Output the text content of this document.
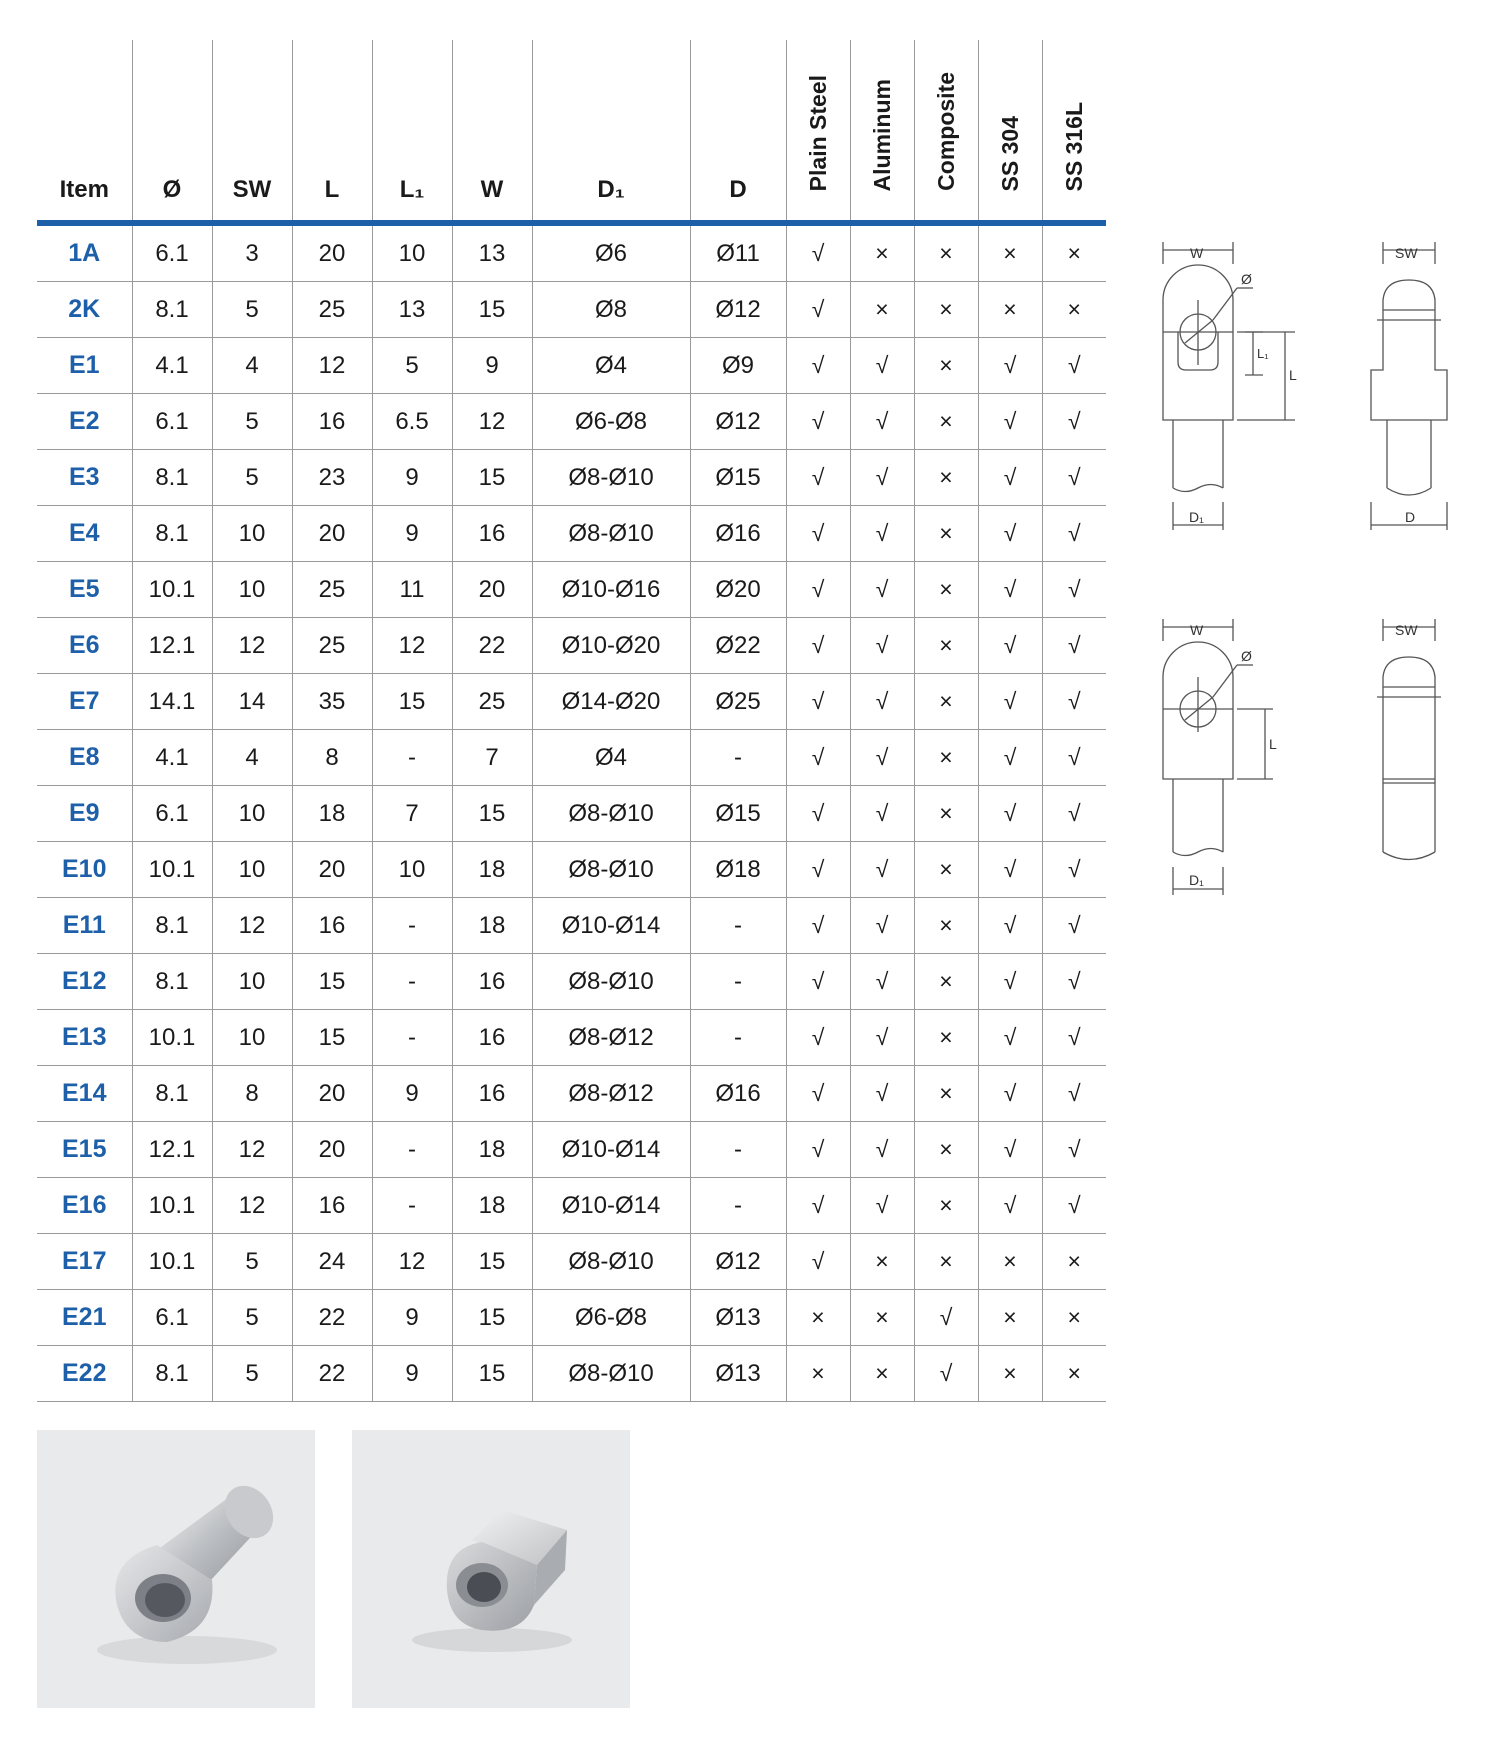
Item	Ø	SW	L	L₁	W	D₁	D	Plain Steel	Aluminum	Composite	SS 304	SS 316L
1A	6.1	3	20	10	13	Ø6	Ø11	√	×	×	×	×
2K	8.1	5	25	13	15	Ø8	Ø12	√	×	×	×	×
E1	4.1	4	12	5	9	Ø4	Ø9	√	√	×	√	√
E2	6.1	5	16	6.5	12	Ø6-Ø8	Ø12	√	√	×	√	√
E3	8.1	5	23	9	15	Ø8-Ø10	Ø15	√	√	×	√	√
E4	8.1	10	20	9	16	Ø8-Ø10	Ø16	√	√	×	√	√
E5	10.1	10	25	11	20	Ø10-Ø16	Ø20	√	√	×	√	√
E6	12.1	12	25	12	22	Ø10-Ø20	Ø22	√	√	×	√	√
E7	14.1	14	35	15	25	Ø14-Ø20	Ø25	√	√	×	√	√
E8	4.1	4	8	-	7	Ø4	-	√	√	×	√	√
E9	6.1	10	18	7	15	Ø8-Ø10	Ø15	√	√	×	√	√
E10	10.1	10	20	10	18	Ø8-Ø10	Ø18	√	√	×	√	√
E11	8.1	12	16	-	18	Ø10-Ø14	-	√	√	×	√	√
E12	8.1	10	15	-	16	Ø8-Ø10	-	√	√	×	√	√
E13	10.1	10	15	-	16	Ø8-Ø12	-	√	√	×	√	√
E14	8.1	8	20	9	16	Ø8-Ø12	Ø16	√	√	×	√	√
E15	12.1	12	20	-	18	Ø10-Ø14	-	√	√	×	√	√
E16	10.1	12	16	-	18	Ø10-Ø14	-	√	√	×	√	√
E17	10.1	5	24	12	15	Ø8-Ø10	Ø12	√	×	×	×	×
E21	6.1	5	22	9	15	Ø6-Ø8	Ø13	×	×	√	×	×
E22	8.1	5	22	9	15	Ø8-Ø10	Ø13	×	×	√	×	×
W
Ø
L₁
L
D₁
SW
D
W
Ø
L
D₁
SW
